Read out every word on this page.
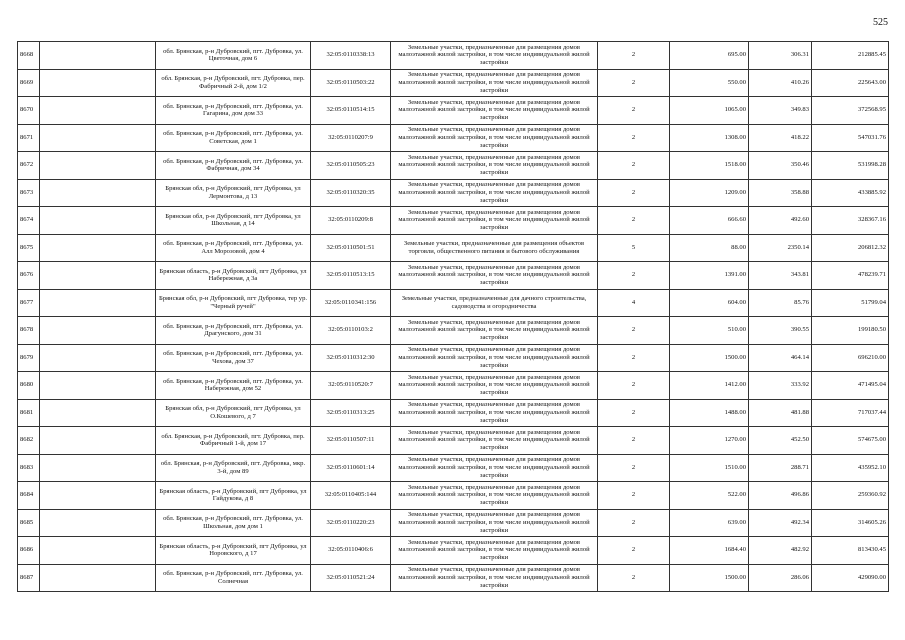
525
8668		обл. Брянская, р-н Дубровский, пгт. Дубровка, ул. Цветочная, дом 6	32:05:0110338:13	Земельные участки, предназначенные для размещения домов малоэтажной жилой застройки, в том числе индивидуальной жилой застройки	2	695.00	306.31	212885.45
8669		обл. Брянская, р-н Дубровский, пгт. Дубровка, пер. Фабричный 2-й, дом 1/2	32:05:0110503:22	Земельные участки, предназначенные для размещения домов малоэтажной жилой застройки, в том числе индивидуальной жилой застройки	2	550.00	410.26	225643.00
8670		обл. Брянская, р-н Дубровский, пгт. Дубровка, ул. Гагарина, дом дом 33	32:05:0110514:15	Земельные участки, предназначенные для размещения домов малоэтажной жилой застройки, в том числе индивидуальной жилой застройки	2	1065.00	349.83	372568.95
8671		обл. Брянская, р-н Дубровский, пгт. Дубровка, ул. Советская, дом 1	32:05:0110207:9	Земельные участки, предназначенные для размещения домов малоэтажной жилой застройки, в том числе индивидуальной жилой застройки	2	1308.00	418.22	547031.76
8672		обл. Брянская, р-н Дубровский, пгт. Дубровка, ул. Фабричная, дом 34	32:05:0110505:23	Земельные участки, предназначенные для размещения домов малоэтажной жилой застройки, в том числе индивидуальной жилой застройки	2	1518.00	350.46	531998.28
8673		Брянская обл, р-н Дубровский, пгт Дубровка, ул Лермонтова, д 13	32:05:0110320:35	Земельные участки, предназначенные для размещения домов малоэтажной жилой застройки, в том числе индивидуальной жилой застройки	2	1209.00	358.88	433885.92
8674		Брянская обл, р-н Дубровский, пгт Дубровка, ул Школьная, д 14	32:05:0110209:8	Земельные участки, предназначенные для размещения домов малоэтажной жилой застройки, в том числе индивидуальной жилой застройки	2	666.60	492.60	328367.16
8675		обл. Брянская, р-н Дубровский, пгт. Дубровка, ул. Алл Морозовой, дом 4	32:05:0110501:51	Земельные участки, предназначенные для размещения объектов торговли, общественного питания и бытового обслуживания	5	88.00	2350.14	206812.32
8676		Брянская область, р-н Дубровский, пгт Дубровка, ул Набережная, д 3а	32:05:0110513:15	Земельные участки, предназначенные для размещения домов малоэтажной жилой застройки, в том числе индивидуальной жилой застройки	2	1391.00	343.81	478239.71
8677		Брянская обл, р-н Дубровский, пгт Дубровка, тер ур. "Черный ручей"	32:05:0110341:156	Земельные участки, предназначенные для дачного строительства, садоводства и огородничества	4	604.00	85.76	51799.04
8678		обл. Брянская, р-н Дубровский, пгт. Дубровка, ул. Драгунского, дом 31	32:05:0110103:2	Земельные участки, предназначенные для размещения домов малоэтажной жилой застройки, в том числе индивидуальной жилой застройки	2	510.00	390.55	199180.50
8679		обл. Брянская, р-н Дубровский, пгт. Дубровка, ул. Чехова, дом 37	32:05:0110312:30	Земельные участки, предназначенные для размещения домов малоэтажной жилой застройки, в том числе индивидуальной жилой застройки	2	1500.00	464.14	696210.00
8680		обл. Брянская, р-н Дубровский, пгт. Дубровка, ул. Набережная, дом 52	32:05:0110520:7	Земельные участки, предназначенные для размещения домов малоэтажной жилой застройки, в том числе индивидуальной жилой застройки	2	1412.00	333.92	471495.04
8681		Брянская обл, р-н Дубровский, пгт Дубровка, ул О.Кошевого, д 7	32:05:0110313:25	Земельные участки, предназначенные для размещения домов малоэтажной жилой застройки, в том числе индивидуальной жилой застройки	2	1488.00	481.88	717037.44
8682		обл. Брянская, р-н Дубровский, пгт. Дубровка, пер. Фабричный 1-й, дом 17	32:05:0110507:11	Земельные участки, предназначенные для размещения домов малоэтажной жилой застройки, в том числе индивидуальной жилой застройки	2	1270.00	452.50	574675.00
8683		обл. Брянская, р-н Дубровский, пгт. Дубровка, мкр. 3-й, дом 89	32:05:0110601:14	Земельные участки, предназначенные для размещения домов малоэтажной жилой застройки, в том числе индивидуальной жилой застройки	2	1510.00	288.71	435952.10
8684		Брянская область, р-н Дубровский, пгт Дубровка, ул Гайдукова, д 8	32:05:0110405:144	Земельные участки, предназначенные для размещения домов малоэтажной жилой застройки, в том числе индивидуальной жилой застройки	2	522.00	496.86	259360.92
8685		обл. Брянская, р-н Дубровский, пгт. Дубровка, ул. Школьная, дом дом 1	32:05:0110220:23	Земельные участки, предназначенные для размещения домов малоэтажной жилой застройки, в том числе индивидуальной жилой застройки	2	639.00	492.34	314605.26
8686		Брянская область, р-н Дубровский, пгт Дубровка, ул Норовского, д 17	32:05:0110406:6	Земельные участки, предназначенные для размещения домов малоэтажной жилой застройки, в том числе индивидуальной жилой застройки	2	1684.40	482.92	813430.45
8687		обл. Брянская, р-н Дубровский, пгт. Дубровка, ул. Солнечная	32:05:0110521:24	Земельные участки, предназначенные для размещения домов малоэтажной жилой застройки, в том числе индивидуальной жилой застройки	2	1500.00	286.06	429090.00
